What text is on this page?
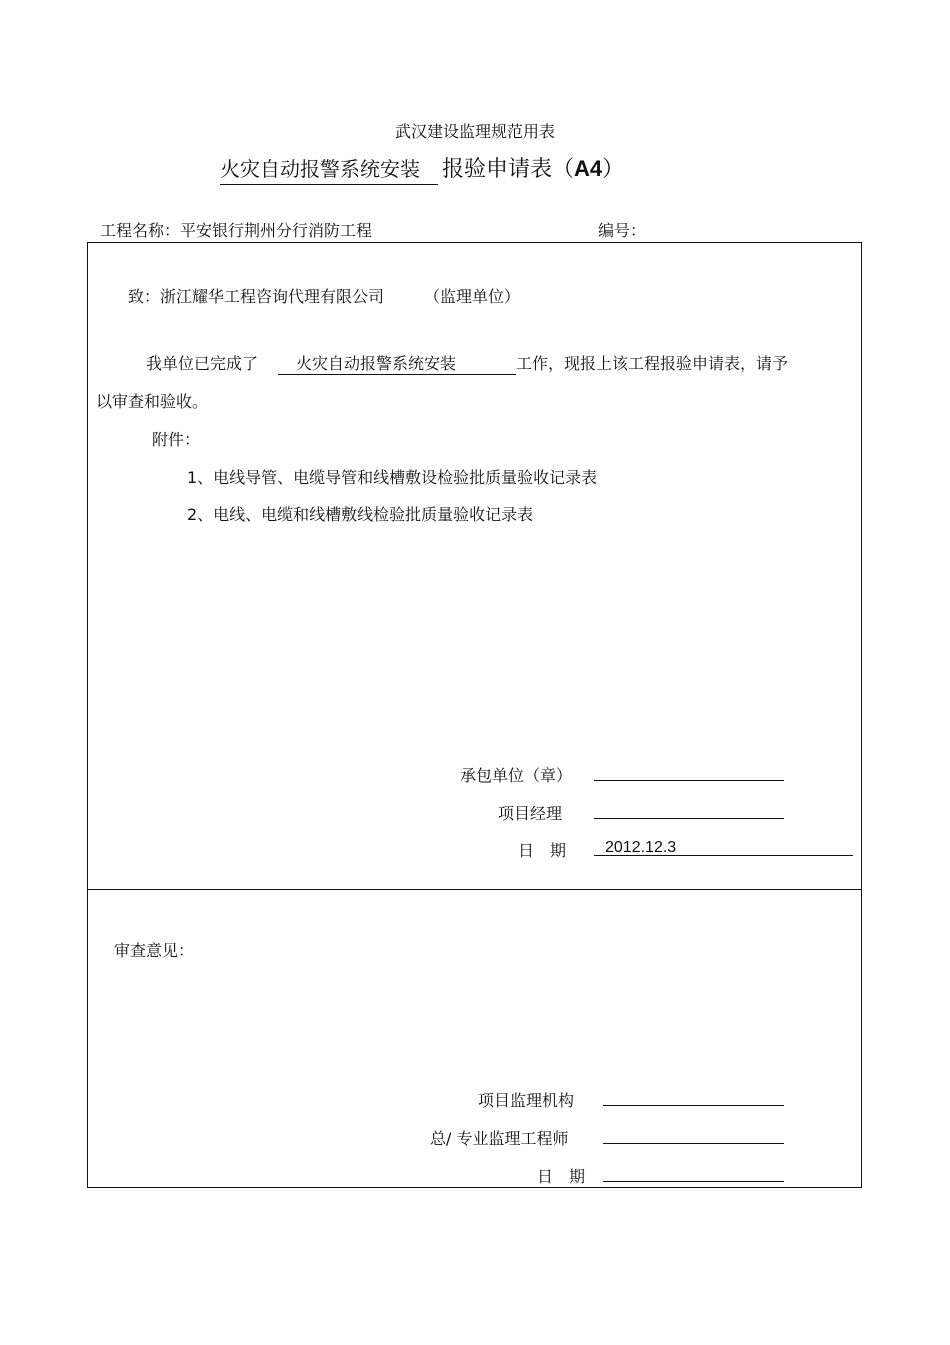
武汉建设监理规范用表
火灾自动报警系统安装 报验申请表（A4）
工程名称：平安银行荆州分行消防工程	编号：
致：浙江耀华工程咨询代理有限公司	（监理单位）
我单位已完成了 火灾自动报警系统安装	工作，现报上该工程报验申请表，请予
以审查和验收。
附件：
1、电线导管、电缆导管和线槽敷设检验批质量验收记录表
2、电线、电缆和线槽敷线检验批质量验收记录表
承包单位（章）
项目经理
日　期 2012.12.3
审查意见：
项目监理机构
总/ 专业监理工程师
日　期
